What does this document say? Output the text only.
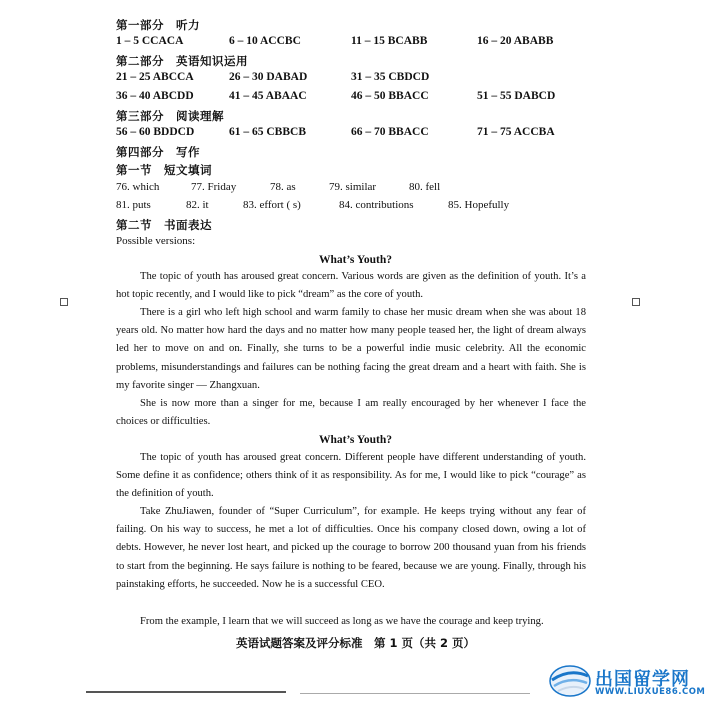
第一部分　听力
1 – 5 CCACA	6 – 10 ACCBC	11 – 15 BCABB	16 – 20 ABABB
第二部分　英语知识运用
21 – 25 ABCCA	26 – 30 DABAD	31 – 35 CBDCD
36 – 40 ABCDD	41 – 45 ABAAC	46 – 50 BBACC	51 – 55 DABCD
第三部分　阅读理解
56 – 60 BDDCD	61 – 65 CBBCB	66 – 70 BBACC	71 – 75 ACCBA
第四部分　写作
第一节　短文填词
76. which	77. Friday	78. as	79. similar	80. fell
81. puts	82. it	83. effort ( s)	84. contributions	85. Hopefully
第二节　书面表达
Possible versions:
What’s Youth?

The topic of youth has aroused great concern. Various words are given as the definition of youth. It’s a hot topic recently, and I would like to pick “dream” as the core of youth.

There is a girl who left high school and warm family to chase her music dream when she was about 18 years old. No matter how hard the days and no matter how many people teased her, the light of dream always led her to move on and on. Finally, she turns to be a powerful indie music celebrity. All the economic problems, misunderstandings and failures can be nothing facing the great dream and a heart with faith. She is my favorite singer — Zhangxuan.

She is now more than a singer for me, because I am really encouraged by her whenever I face the choices or difficulties.

What’s Youth?

The topic of youth has aroused great concern. Different people have different understanding of youth. Some define it as confidence; others think of it as responsibility. As for me, I would like to pick “courage” as the definition of youth.

Take ZhuJiawen, founder of “Super Curriculum”, for example. He keeps trying without any fear of failing. On his way to success, he met a lot of difficulties. Once his company closed down, owing a lot of debts. However, he never lost heart, and picked up the courage to borrow 200 thousand yuan from his friends to start from the beginning. He says failure is nothing to be feared, because we are young. Finally, through his painstaking efforts, he succeeded. Now he is a successful CEO.

From the example, I learn that we will succeed as long as we have the courage and keep trying.

英语试题答案及评分标准　第 1 页（共 2 页）
出国留学网
WWW.LIUXUE86.COM
